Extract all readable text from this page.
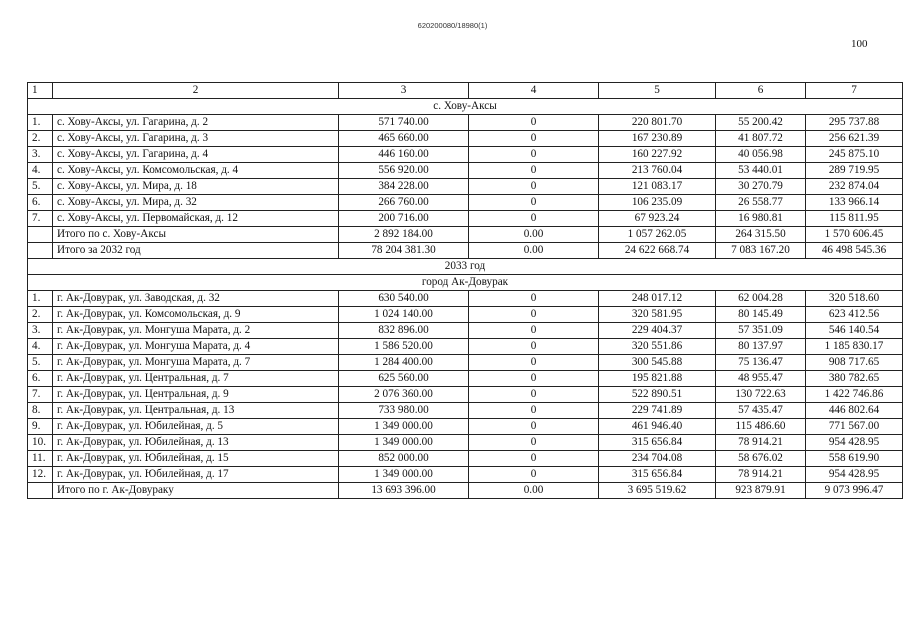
620200080/18980(1)
100
1	2	3	4	5	6	7
с. Хову-Аксы						
1.	с. Хову-Аксы, ул. Гагарина, д. 2	571 740.00	0	220 801.70	55 200.42	295 737.88
2.	с. Хову-Аксы, ул. Гагарина, д. 3	465 660.00	0	167 230.89	41 807.72	256 621.39
3.	с. Хову-Аксы, ул. Гагарина, д. 4	446 160.00	0	160 227.92	40 056.98	245 875.10
4.	с. Хову-Аксы, ул. Комсомольская, д. 4	556 920.00	0	213 760.04	53 440.01	289 719.95
5.	с. Хову-Аксы, ул. Мира, д. 18	384 228.00	0	121 083.17	30 270.79	232 874.04
6.	с. Хову-Аксы, ул. Мира, д. 32	266 760.00	0	106 235.09	26 558.77	133 966.14
7.	с. Хову-Аксы, ул. Первомайская, д. 12	200 716.00	0	67 923.24	16 980.81	115 811.95
	Итого по с. Хову-Аксы	2 892 184.00	0.00	1 057 262.05	264 315.50	1 570 606.45
	Итого за 2032 год	78 204 381.30	0.00	24 622 668.74	7 083 167.20	46 498 545.36
2033 год						
город Ак-Довурак						
1.	г. Ак-Довурак, ул. Заводская, д. 32	630 540.00	0	248 017.12	62 004.28	320 518.60
2.	г. Ак-Довурак, ул. Комсомольская, д. 9	1 024 140.00	0	320 581.95	80 145.49	623 412.56
3.	г. Ак-Довурак, ул. Монгуша Марата, д. 2	832 896.00	0	229 404.37	57 351.09	546 140.54
4.	г. Ак-Довурак, ул. Монгуша Марата, д. 4	1 586 520.00	0	320 551.86	80 137.97	1 185 830.17
5.	г. Ак-Довурак, ул. Монгуша Марата, д. 7	1 284 400.00	0	300 545.88	75 136.47	908 717.65
6.	г. Ак-Довурак, ул. Центральная, д. 7	625 560.00	0	195 821.88	48 955.47	380 782.65
7.	г. Ак-Довурак, ул. Центральная, д. 9	2 076 360.00	0	522 890.51	130 722.63	1 422 746.86
8.	г. Ак-Довурак, ул. Центральная, д. 13	733 980.00	0	229 741.89	57 435.47	446 802.64
9.	г. Ак-Довурак, ул. Юбилейная, д. 5	1 349 000.00	0	461 946.40	115 486.60	771 567.00
10.	г. Ак-Довурак, ул. Юбилейная, д. 13	1 349 000.00	0	315 656.84	78 914.21	954 428.95
11.	г. Ак-Довурак, ул. Юбилейная, д. 15	852 000.00	0	234 704.08	58 676.02	558 619.90
12.	г. Ак-Довурак, ул. Юбилейная, д. 17	1 349 000.00	0	315 656.84	78 914.21	954 428.95
	Итого по г. Ак-Довураку	13 693 396.00	0.00	3 695 519.62	923 879.91	9 073 996.47
